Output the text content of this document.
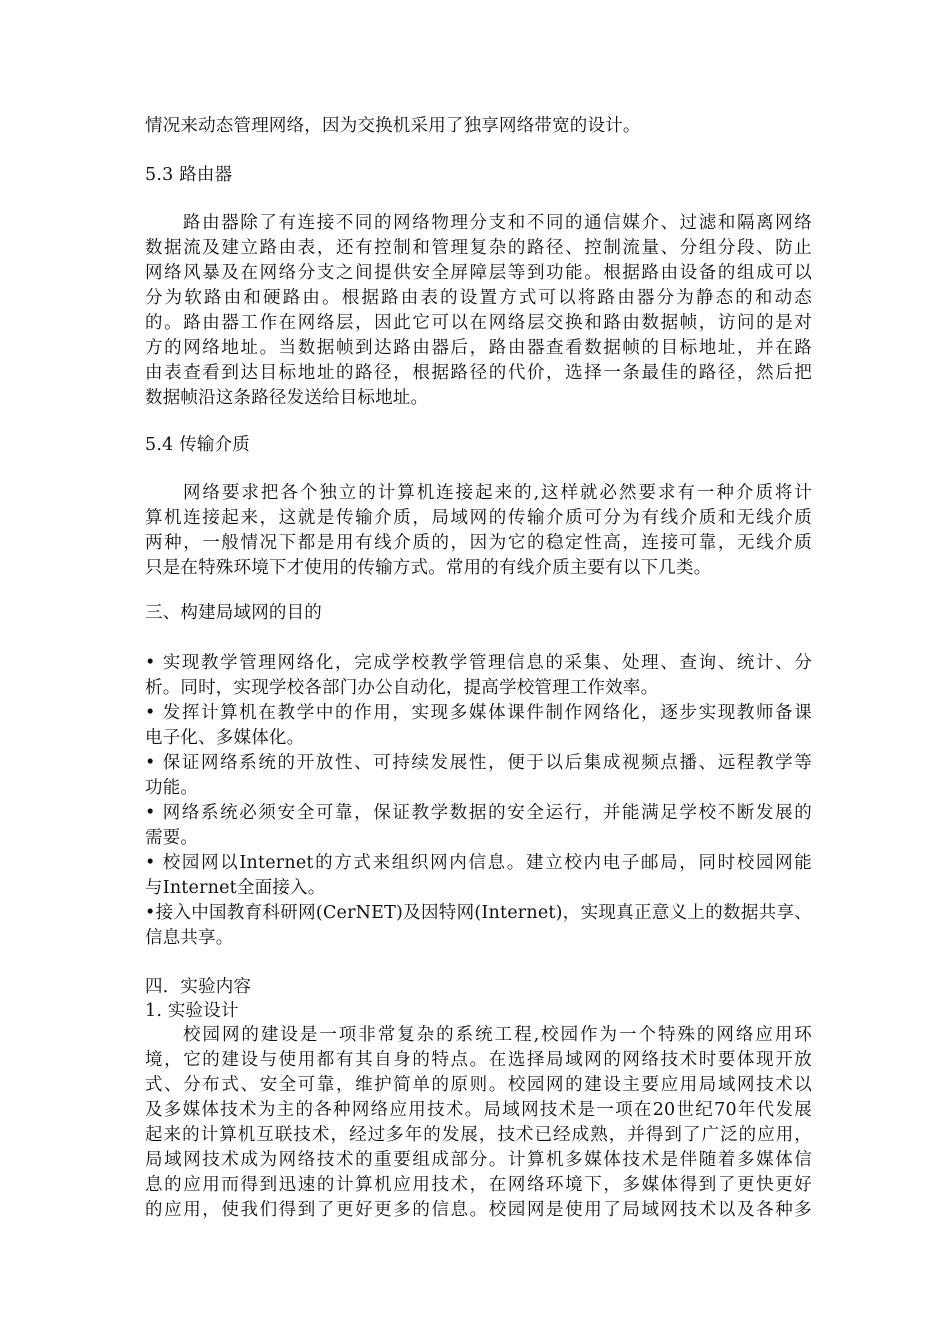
情况来动态管理网络，因为交换机采用了独享网络带宽的设计。
5.3 路由器
路由器除了有连接不同的网络物理分支和不同的通信媒介、过滤和隔离网络
数据流及建立路由表，还有控制和管理复杂的路径、控制流量、分组分段、防止
网络风暴及在网络分支之间提供安全屏障层等到功能。根据路由设备的组成可以
分为软路由和硬路由。根据路由表的设置方式可以将路由器分为静态的和动态
的。路由器工作在网络层，因此它可以在网络层交换和路由数据帧，访问的是对
方的网络地址。当数据帧到达路由器后，路由器查看数据帧的目标地址，并在路
由表查看到达目标地址的路径，根据路径的代价，选择一条最佳的路径，然后把
数据帧沿这条路径发送给目标地址。
5.4 传输介质
网络要求把各个独立的计算机连接起来的,这样就必然要求有一种介质将计
算机连接起来，这就是传输介质，局域网的传输介质可分为有线介质和无线介质
两种，一般情况下都是用有线介质的，因为它的稳定性高，连接可靠，无线介质
只是在特殊环境下才使用的传输方式。常用的有线介质主要有以下几类。
三、构建局域网的目的
• 实现教学管理网络化，完成学校教学管理信息的采集、处理、查询、统计、分
析。同时，实现学校各部门办公自动化，提高学校管理工作效率。
• 发挥计算机在教学中的作用，实现多媒体课件制作网络化，逐步实现教师备课
电子化、多媒体化。
• 保证网络系统的开放性、可持续发展性，便于以后集成视频点播、远程教学等
功能。
• 网络系统必须安全可靠，保证教学数据的安全运行，并能满足学校不断发展的
需要。
• 校园网以Internet的方式来组织网内信息。建立校内电子邮局，同时校园网能
与Internet全面接入。
•接入中国教育科研网(CerNET)及因特网(Internet)，实现真正意义上的数据共享、
信息共享。
四．实验内容
1. 实验设计
校园网的建设是一项非常复杂的系统工程,校园作为一个特殊的网络应用环
境，它的建设与使用都有其自身的特点。在选择局域网的网络技术时要体现开放
式、分布式、安全可靠，维护简单的原则。校园网的建设主要应用局域网技术以
及多媒体技术为主的各种网络应用技术。局域网技术是一项在20世纪70年代发展
起来的计算机互联技术，经过多年的发展，技术已经成熟，并得到了广泛的应用，
局域网技术成为网络技术的重要组成部分。计算机多媒体技术是伴随着多媒体信
息的应用而得到迅速的计算机应用技术，在网络环境下，多媒体得到了更快更好
的应用，使我们得到了更好更多的信息。校园网是使用了局域网技术以及各种多
